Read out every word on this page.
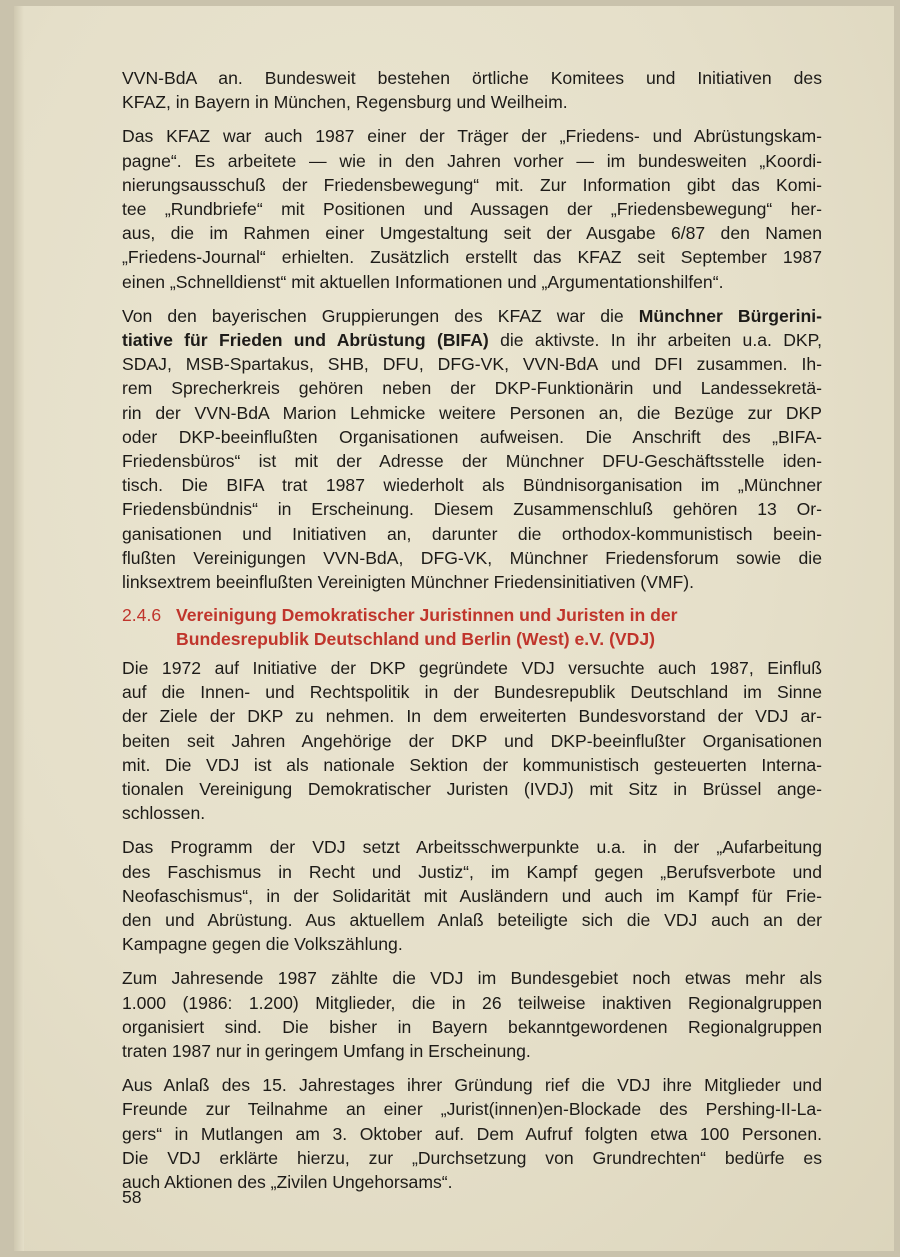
VVN-BdA an. Bundesweit bestehen örtliche Komitees und Initiativen des
KFAZ, in Bayern in München, Regensburg und Weilheim.
Das KFAZ war auch 1987 einer der Träger der „Friedens- und Abrüstungskam-
pagne“. Es arbeitete — wie in den Jahren vorher — im bundesweiten „Koordi-
nierungsausschuß der Friedensbewegung“ mit. Zur Information gibt das Komi-
tee „Rundbriefe“ mit Positionen und Aussagen der „Friedensbewegung“ her-
aus, die im Rahmen einer Umgestaltung seit der Ausgabe 6/87 den Namen
„Friedens-Journal“ erhielten. Zusätzlich erstellt das KFAZ seit September 1987
einen „Schnelldienst“ mit aktuellen Informationen und „Argumentationshilfen“.
Von den bayerischen Gruppierungen des KFAZ war die Münchner Bürgerini-
tiative für Frieden und Abrüstung (BIFA) die aktivste. In ihr arbeiten u.a. DKP,
SDAJ, MSB-Spartakus, SHB, DFU, DFG-VK, VVN-BdA und DFI zusammen. Ih-
rem Sprecherkreis gehören neben der DKP-Funktionärin und Landessekretä-
rin der VVN-BdA Marion Lehmicke weitere Personen an, die Bezüge zur DKP
oder DKP-beeinflußten Organisationen aufweisen. Die Anschrift des „BIFA-
Friedensbüros“ ist mit der Adresse der Münchner DFU-Geschäftsstelle iden-
tisch. Die BIFA trat 1987 wiederholt als Bündnisorganisation im „Münchner
Friedensbündnis“ in Erscheinung. Diesem Zusammenschluß gehören 13 Or-
ganisationen und Initiativen an, darunter die orthodox-kommunistisch beein-
flußten Vereinigungen VVN-BdA, DFG-VK, Münchner Friedensforum sowie die
linksextrem beeinflußten Vereinigten Münchner Friedensinitiativen (VMF).
2.4.6 Vereinigung Demokratischer Juristinnen und Juristen in der
Bundesrepublik Deutschland und Berlin (West) e.V. (VDJ)
Die 1972 auf Initiative der DKP gegründete VDJ versuchte auch 1987, Einfluß
auf die Innen- und Rechtspolitik in der Bundesrepublik Deutschland im Sinne
der Ziele der DKP zu nehmen. In dem erweiterten Bundesvorstand der VDJ ar-
beiten seit Jahren Angehörige der DKP und DKP-beeinflußter Organisationen
mit. Die VDJ ist als nationale Sektion der kommunistisch gesteuerten Interna-
tionalen Vereinigung Demokratischer Juristen (IVDJ) mit Sitz in Brüssel ange-
schlossen.
Das Programm der VDJ setzt Arbeitsschwerpunkte u.a. in der „Aufarbeitung
des Faschismus in Recht und Justiz“, im Kampf gegen „Berufsverbote und
Neofaschismus“, in der Solidarität mit Ausländern und auch im Kampf für Frie-
den und Abrüstung. Aus aktuellem Anlaß beteiligte sich die VDJ auch an der
Kampagne gegen die Volkszählung.
Zum Jahresende 1987 zählte die VDJ im Bundesgebiet noch etwas mehr als
1.000 (1986: 1.200) Mitglieder, die in 26 teilweise inaktiven Regionalgruppen
organisiert sind. Die bisher in Bayern bekanntgewordenen Regionalgruppen
traten 1987 nur in geringem Umfang in Erscheinung.
Aus Anlaß des 15. Jahrestages ihrer Gründung rief die VDJ ihre Mitglieder und
Freunde zur Teilnahme an einer „Jurist(innen)en-Blockade des Pershing-II-La-
gers“ in Mutlangen am 3. Oktober auf. Dem Aufruf folgten etwa 100 Personen.
Die VDJ erklärte hierzu, zur „Durchsetzung von Grundrechten“ bedürfe es
auch Aktionen des „Zivilen Ungehorsams“.
58
